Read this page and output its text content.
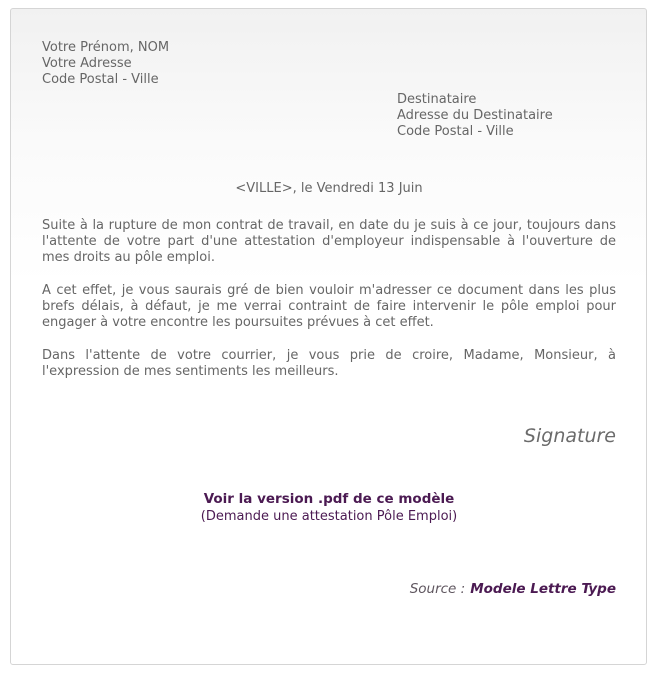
Votre Prénom, NOM
Votre Adresse
Code Postal - Ville
Destinataire
Adresse du Destinataire
Code Postal - Ville
<VILLE>, le Vendredi 13 Juin

Suite à la rupture de mon contrat de travail, en date du je suis à ce jour, toujours dans l'attente de votre part d'une attestation d'employeur indispensable à l'ouverture de mes droits au pôle emploi.

A cet effet, je vous saurais gré de bien vouloir m'adresser ce document dans les plus brefs délais, à défaut, je me verrai contraint de faire intervenir le pôle emploi pour engager à votre encontre les poursuites prévues à cet effet.

Dans l'attente de votre courrier, je vous prie de croire, Madame, Monsieur, à l'expression de mes sentiments les meilleurs.

Signature
Voir la version .pdf de ce modèle
(Demande une attestation Pôle Emploi)
Source : Modele Lettre Type
